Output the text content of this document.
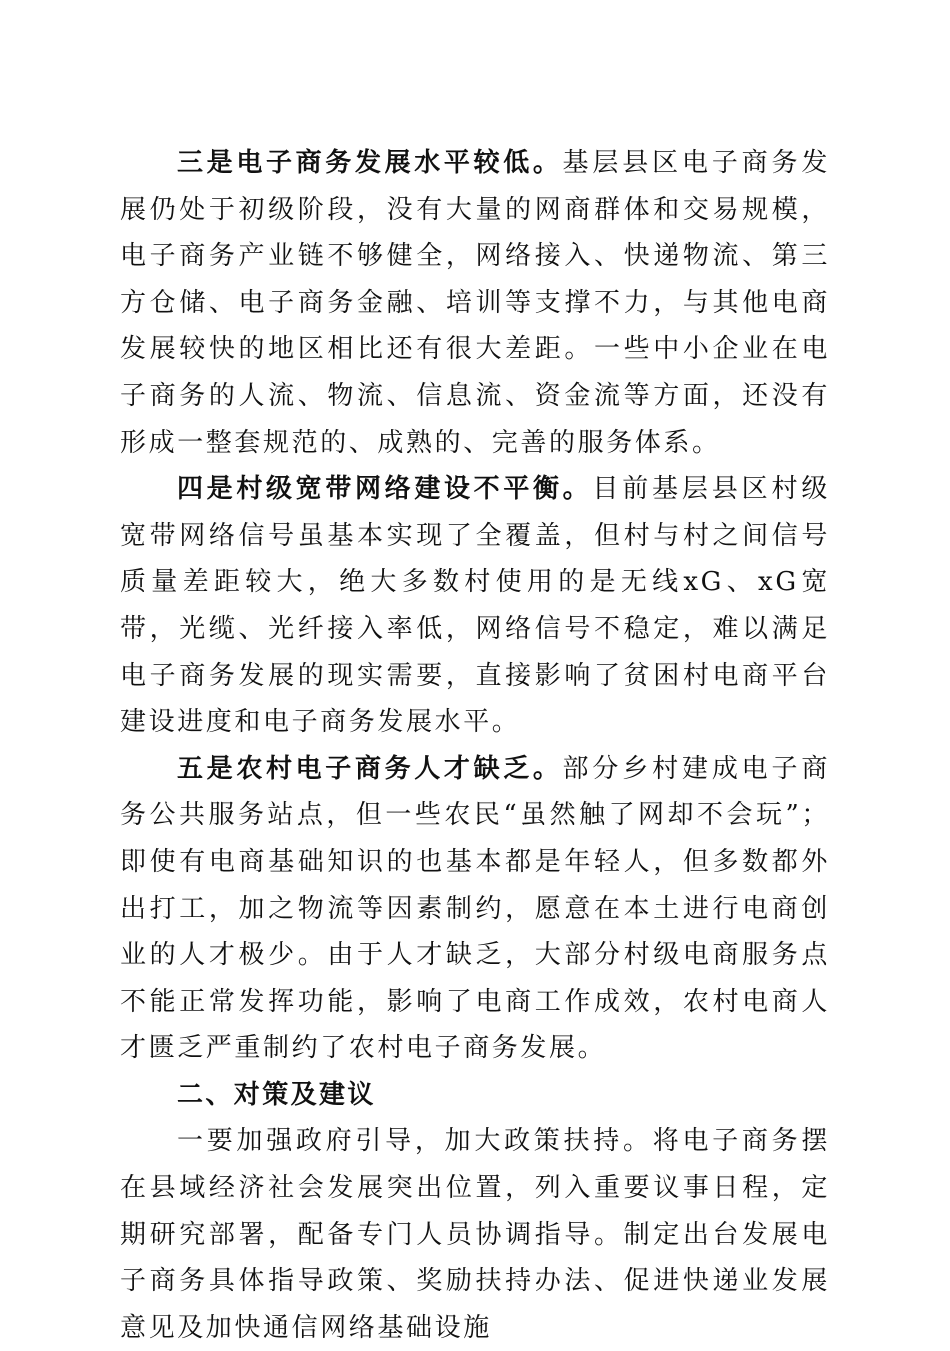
三是电子商务发展水平较低。基层县区电子商务发展仍处于初级阶段，没有大量的网商群体和交易规模，电子商务产业链不够健全，网络接入、快递物流、第三方仓储、电子商务金融、培训等支撑不力，与其他电商发展较快的地区相比还有很大差距。一些中小企业在电子商务的人流、物流、信息流、资金流等方面，还没有形成一整套规范的、成熟的、完善的服务体系。

四是村级宽带网络建设不平衡。目前基层县区村级宽带网络信号虽基本实现了全覆盖，但村与村之间信号质量差距较大，绝大多数村使用的是无线xG、xG宽带，光缆、光纤接入率低，网络信号不稳定，难以满足电子商务发展的现实需要，直接影响了贫困村电商平台建设进度和电子商务发展水平。

五是农村电子商务人才缺乏。部分乡村建成电子商务公共服务站点，但一些农民“虽然触了网却不会玩”；即使有电商基础知识的也基本都是年轻人，但多数都外出打工，加之物流等因素制约，愿意在本土进行电商创业的人才极少。由于人才缺乏，大部分村级电商服务点不能正常发挥功能，影响了电商工作成效，农村电商人才匮乏严重制约了农村电子商务发展。

二、对策及建议

一要加强政府引导，加大政策扶持。将电子商务摆在县域经济社会发展突出位置，列入重要议事日程，定期研究部署，配备专门人员协调指导。制定出台发展电子商务具体指导政策、奖励扶持办法、促进快递业发展意见及加快通信网络基础设施
